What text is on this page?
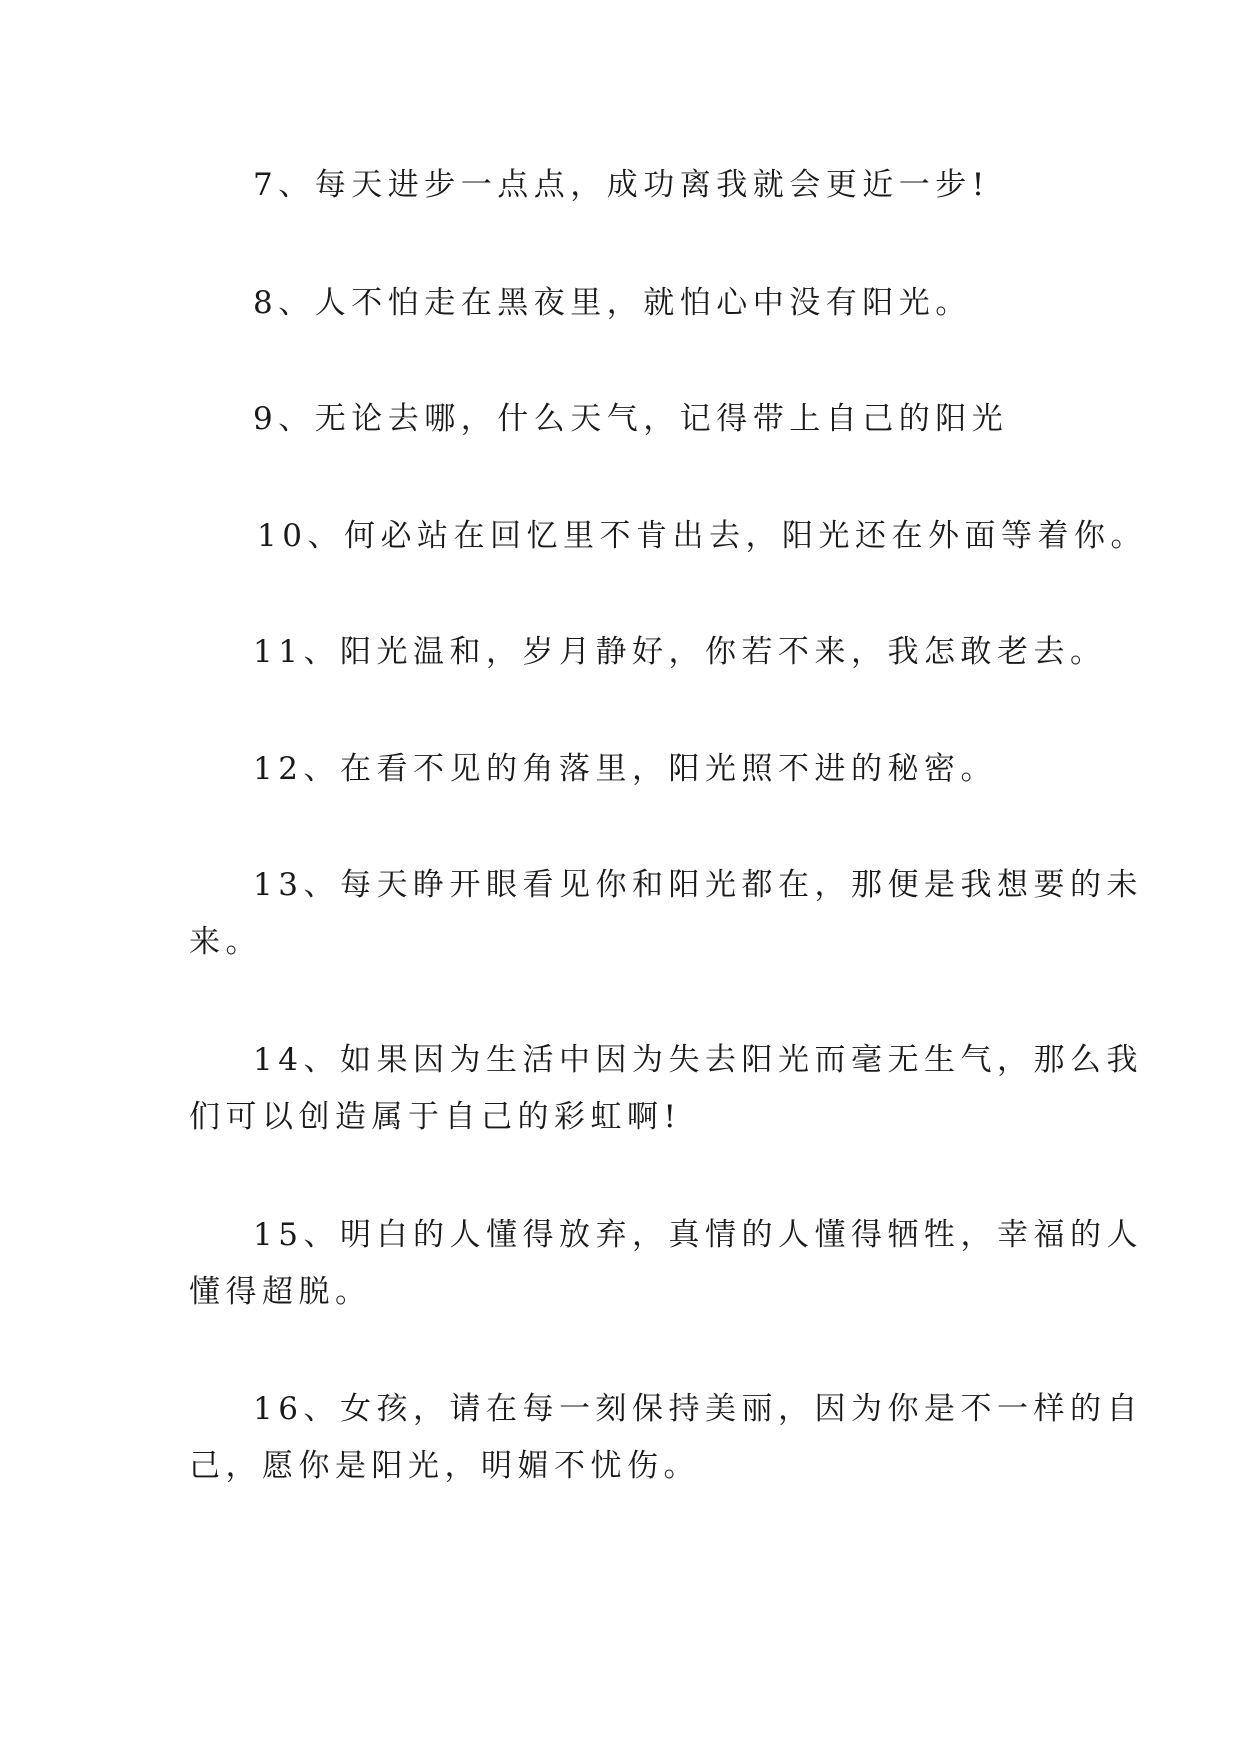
7、每天进步一点点，成功离我就会更近一步!
8、人不怕走在黑夜里，就怕心中没有阳光。
9、无论去哪，什么天气，记得带上自己的阳光
10、何必站在回忆里不肯出去，阳光还在外面等着你。
11、阳光温和，岁月静好，你若不来，我怎敢老去。
12、在看不见的角落里，阳光照不进的秘密。
13、每天睁开眼看见你和阳光都在，那便是我想要的未
来。
14、如果因为生活中因为失去阳光而毫无生气，那么我
们可以创造属于自己的彩虹啊!
15、明白的人懂得放弃，真情的人懂得牺牲，幸福的人
懂得超脱。
16、女孩，请在每一刻保持美丽，因为你是不一样的自
己，愿你是阳光，明媚不忧伤。
